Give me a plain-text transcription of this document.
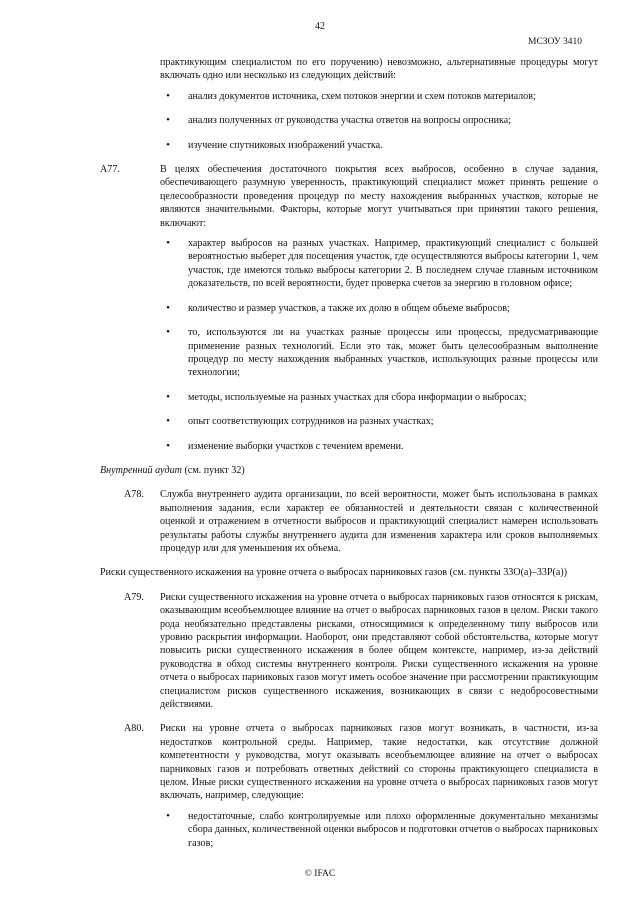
42
МСЗОУ 3410

практикующим специалистом по его поручению) невозможно, альтернативные процедуры могут включать одно или несколько из следующих действий:

•	анализ документов источника, схем потоков энергии и схем потоков материалов;
•	анализ полученных от руководства участка ответов на вопросы опросника;
•	изучение спутниковых изображений участка.
A77.	В целях обеспечения достаточного покрытия всех выбросов, особенно в случае задания, обеспечивающего разумную уверенность, практикующий специалист может принять решение о целесообразности проведения процедур по месту нахождения выбранных участков, которые не являются значительными. Факторы, которые могут учитываться при принятии такого решения, включают:

•	характер выбросов на разных участках. Например, практикующий специалист с большей вероятностью выберет для посещения участок, где осуществляются выбросы категории 1, чем участок, где имеются только выбросы категории 2. В последнем случае главным источником доказательств, по всей вероятности, будет проверка счетов за энергию в головном офисе;
•	количество и размер участков, а также их долю в общем объеме выбросов;
•	то, используются ли на участках разные процессы или процессы, предусматривающие применение разных технологий. Если это так, может быть целесообразным выполнение процедур по месту нахождения выбранных участков, использующих разные процессы или технологии;
•	методы, используемые на разных участках для сбора информации о выбросах;
•	опыт соответствующих сотрудников на разных участках;
•	изменение выборки участков с течением времени.

Внутренний аудит (см. пункт 32)

A78.	Служба внутреннего аудита организации, по всей вероятности, может быть использована в рамках выполнения задания, если характер ее обязанностей и деятельности связан с количественной оценкой и отражением в отчетности выбросов и практикующий специалист намерен использовать результаты работы службы внутреннего аудита для изменения характера или сроков выполняемых процедур или для уменьшения их объема.

Риски существенного искажения на уровне отчета о выбросах парниковых газов (см. пункты 33О(а)–33Р(а))

A79.	Риски существенного искажения на уровне отчета о выбросах парниковых газов относятся к рискам, оказывающим всеобъемлющее влияние на отчет о выбросах парниковых газов в целом. Риски такого рода необязательно представлены рисками, относящимися к определенному типу выбросов или уровню раскрытия информации. Наоборот, они представляют собой обстоятельства, которые могут повысить риски существенного искажения в более общем контексте, например, из-за действий руководства в обход системы внутреннего контроля. Риски существенного искажения на уровне отчета о выбросах парниковых газов могут иметь особое значение при рассмотрении практикующим специалистом рисков существенного искажения, возникающих в связи с недобросовестными действиями.

A80.	Риски на уровне отчета о выбросах парниковых газов могут возникать, в частности, из-за недостатков контрольной среды. Например, такие недостатки, как отсутствие должной компетентности у руководства, могут оказывать всеобъемлющее влияние на отчет о выбросах парниковых газов и потребовать ответных действий со стороны практикующего специалиста в целом. Иные риски существенного искажения на уровне отчета о выбросах парниковых газов могут включать, например, следующие:

•	недостаточные, слабо контролируемые или плохо оформленные документально механизмы сбора данных, количественной оценки выбросов и подготовки отчетов о выбросах парниковых газов;
© IFAC
